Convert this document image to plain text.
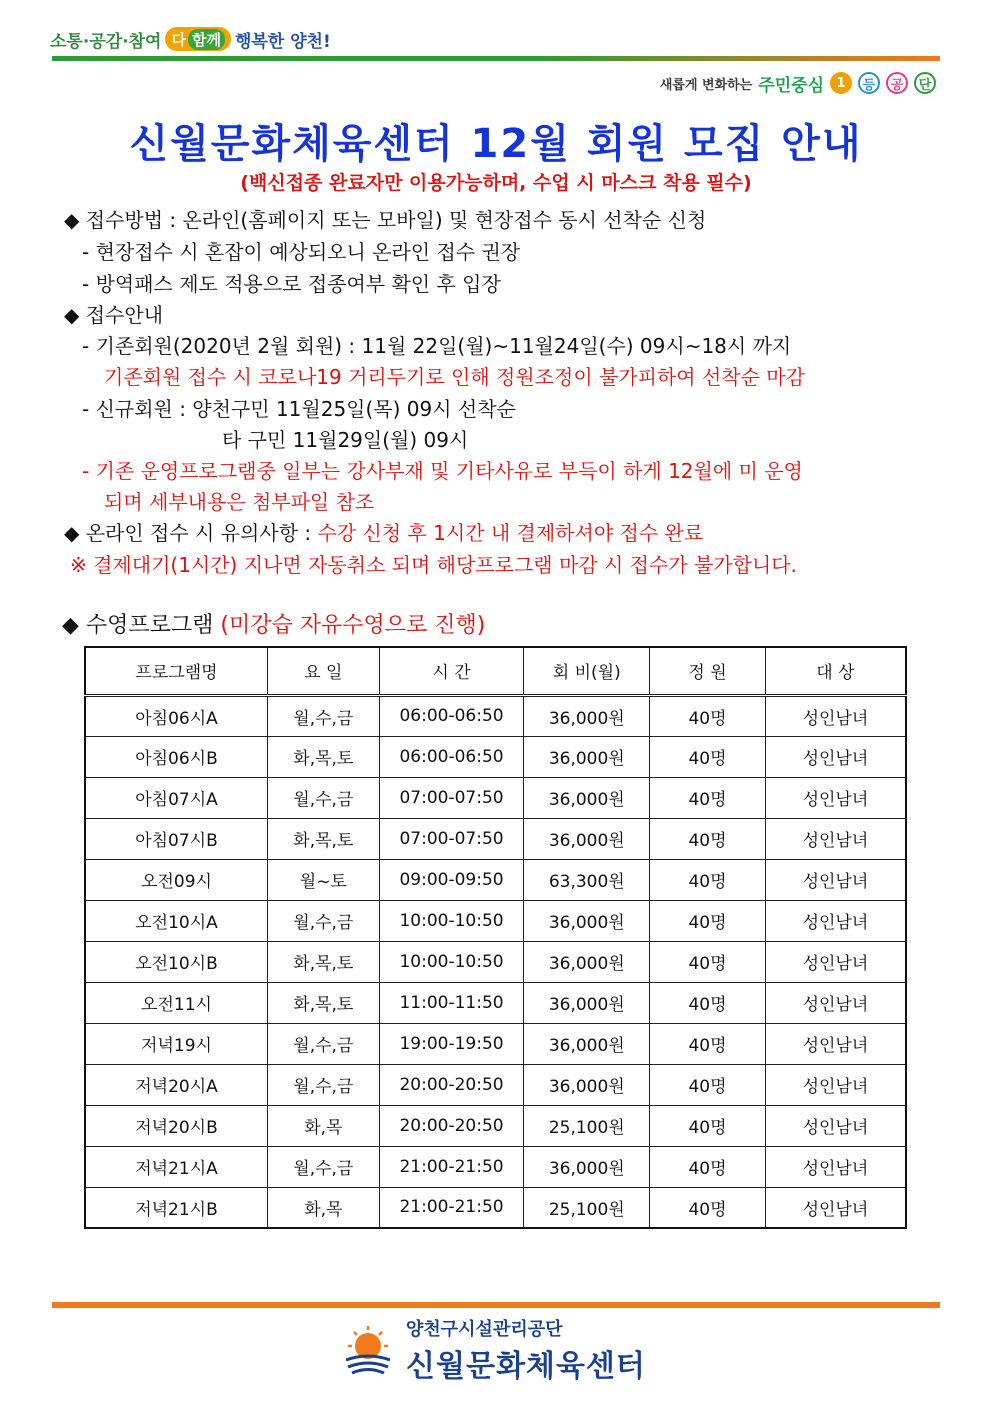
소통·공감·참여 다 함께 행복한 양천!
새롭게 변화하는 주민중심 1	등	공	단
신월문화체육센터 12월 회원 모집 안내
(백신접종 완료자만 이용가능하며, 수업 시 마스크 착용 필수)
◆ 접수방법 : 온라인(홈페이지 또는 모바일) 및 현장접수 동시 선착순 신청
- 현장접수 시 혼잡이 예상되오니 온라인 접수 권장
- 방역패스 제도 적용으로 접종여부 확인 후 입장
◆ 접수안내
- 기존회원(2020년 2월 회원) : 11월 22일(월)~11월24일(수) 09시~18시 까지
기존회원 접수 시 코로나19 거리두기로 인해 정원조정이 불가피하여 선착순 마감
- 신규회원 : 양천구민 11월25일(목) 09시 선착순
타 구민 11월29일(월) 09시
- 기존 운영프로그램중 일부는 강사부재 및 기타사유로 부득이 하게 12월에 미 운영
되며 세부내용은 첨부파일 참조
◆ 온라인 접수 시 유의사항 : 수강 신청 후 1시간 내 결제하셔야 접수 완료
※ 결제대기(1시간) 지나면 자동취소 되며 해당프로그램 마감 시 접수가 불가합니다.
◆ 수영프로그램 (미강습 자유수영으로 진행)
프로그램명	요 일	시 간	회 비(월)	정 원	대 상
아침06시A	월,수,금	06:00-06:50	36,000원	40명	성인남녀
아침06시B	화,목,토	06:00-06:50	36,000원	40명	성인남녀
아침07시A	월,수,금	07:00-07:50	36,000원	40명	성인남녀
아침07시B	화,목,토	07:00-07:50	36,000원	40명	성인남녀
오전09시	월~토	09:00-09:50	63,300원	40명	성인남녀
오전10시A	월,수,금	10:00-10:50	36,000원	40명	성인남녀
오전10시B	화,목,토	10:00-10:50	36,000원	40명	성인남녀
오전11시	화,목,토	11:00-11:50	36,000원	40명	성인남녀
저녁19시	월,수,금	19:00-19:50	36,000원	40명	성인남녀
저녁20시A	월,수,금	20:00-20:50	36,000원	40명	성인남녀
저녁20시B	화,목	20:00-20:50	25,100원	40명	성인남녀
저녁21시A	월,수,금	21:00-21:50	36,000원	40명	성인남녀
저녁21시B	화,목	21:00-21:50	25,100원	40명	성인남녀
양천구시설관리공단
신월문화체육센터
